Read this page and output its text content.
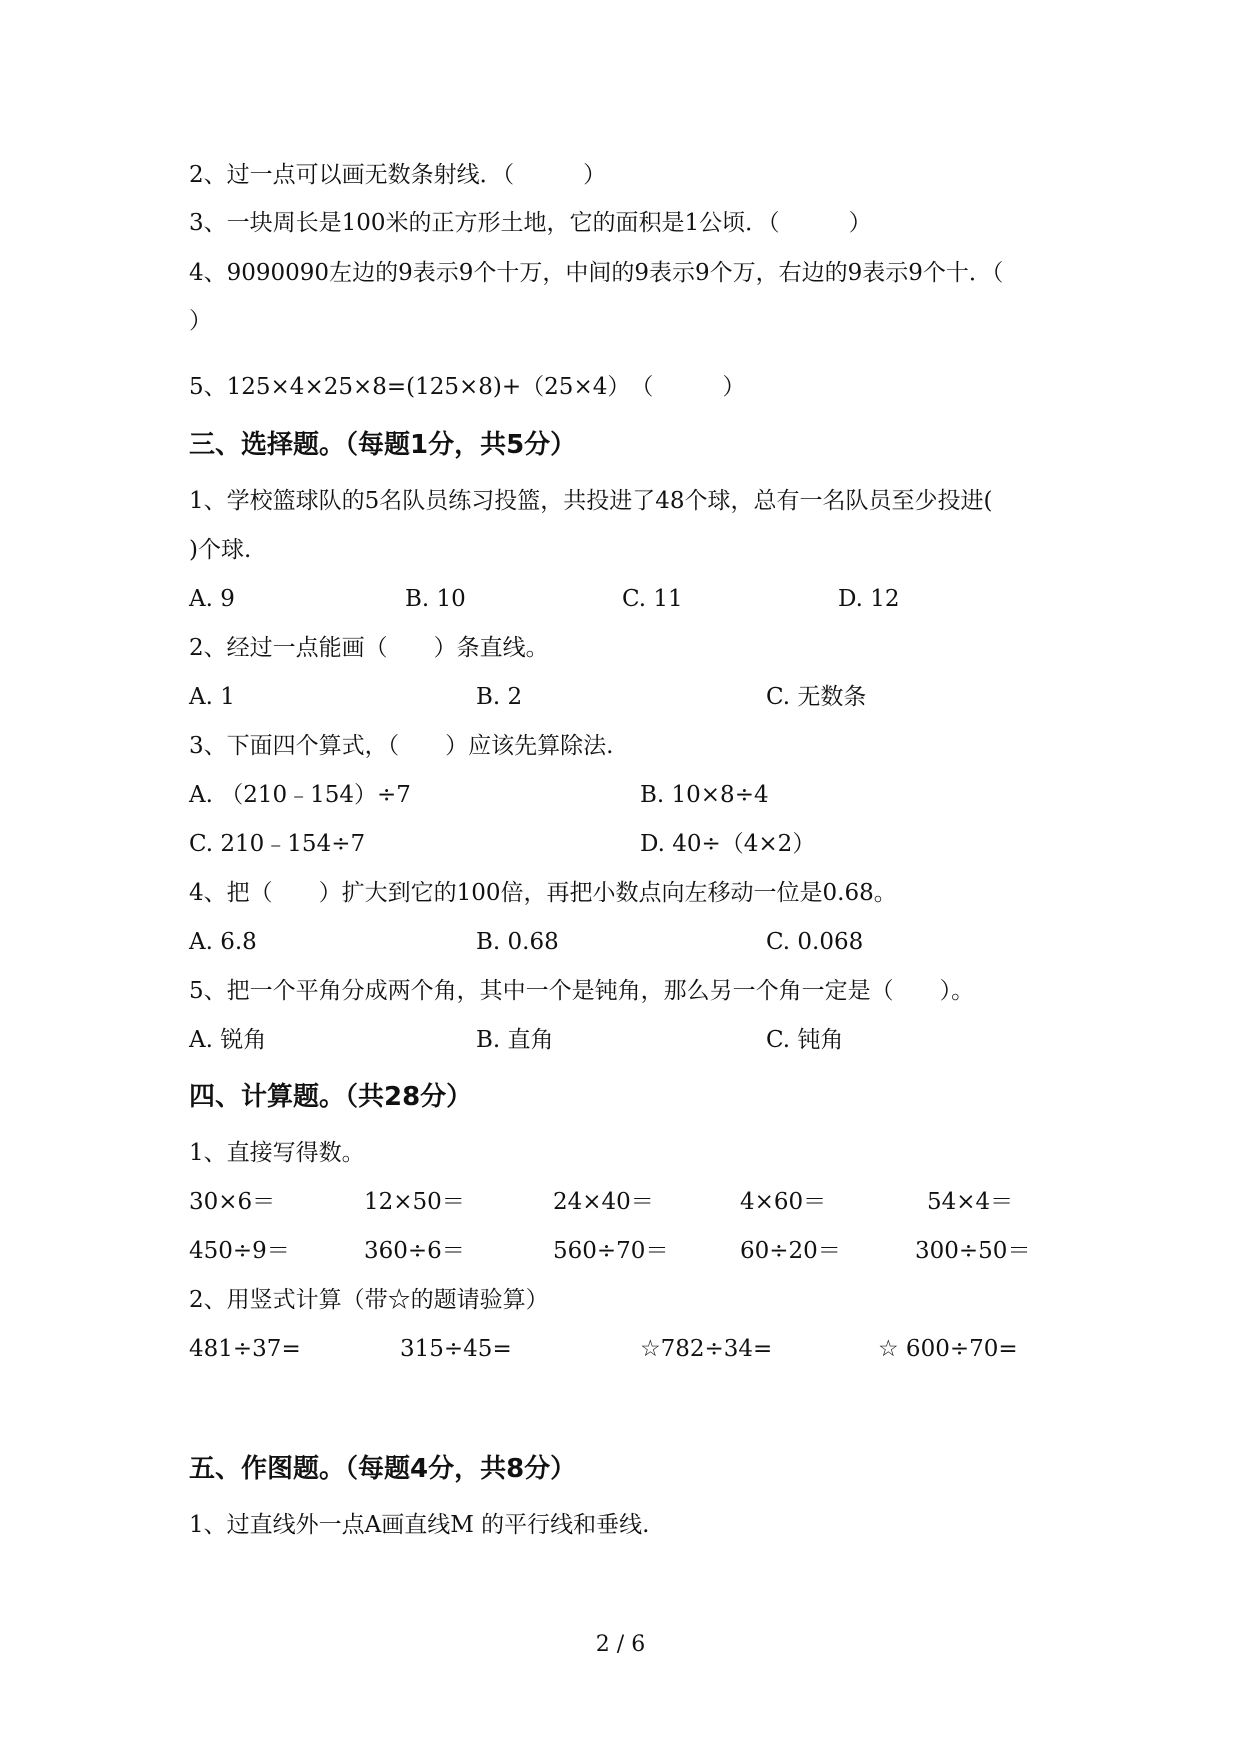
2、过一点可以画无数条射线．（　　　）
3、一块周长是100米的正方形土地，它的面积是1公顷．（　　　）
4、9090090左边的9表示9个十万，中间的9表示9个万，右边的9表示9个十．（
）
5、125×4×25×8=(125×8)+（25×4）　（　　　）
三、选择题。（每题1分，共5分）
1、学校篮球队的5名队员练习投篮，共投进了48个球，总有一名队员至少投进(
)个球.
A. 9	B. 10	C. 11	D. 12
2、经过一点能画（　　）条直线。
A. 1	B. 2	C. 无数条
3、下面四个算式，（　　）应该先算除法.
A. （210﹣154）÷7	B. 10×8÷4
C. 210﹣154÷7	D. 40÷（4×2）
4、把（　　）扩大到它的100倍，再把小数点向左移动一位是0.68。
A. 6.8	B. 0.68	C. 0.068
5、把一个平角分成两个角，其中一个是钝角，那么另一个角一定是（　　）。
A. 锐角	B. 直角	C. 钝角
四、计算题。（共28分）
1、直接写得数。
30×6＝	12×50＝	24×40＝	4×60＝	54×4＝
450÷9＝	360÷6＝	560÷70＝	60÷20＝	300÷50＝
2、用竖式计算（带☆的题请验算）
481÷37=	315÷45=	☆782÷34=	☆ 600÷70=
五、作图题。（每题4分，共8分）
1、过直线外一点A画直线M 的平行线和垂线.
2 / 6
